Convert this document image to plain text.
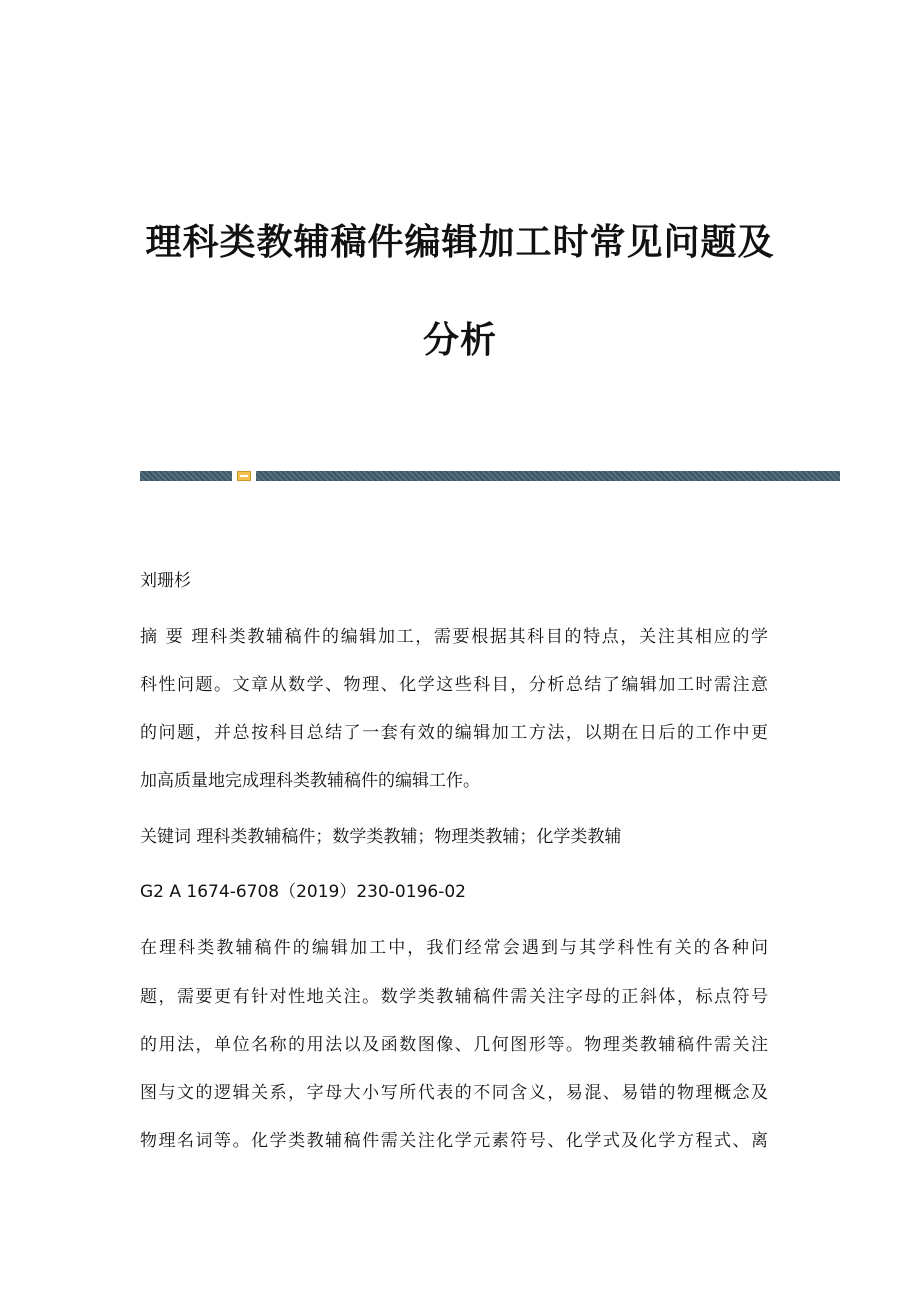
理科类教辅稿件编辑加工时常见问题及
分析
刘珊杉
摘 要 理科类教辅稿件的编辑加工，需要根据其科目的特点，关注其相应的学
科性问题。文章从数学、物理、化学这些科目，分析总结了编辑加工时需注意
的问题，并总按科目总结了一套有效的编辑加工方法，以期在日后的工作中更
加高质量地完成理科类教辅稿件的编辑工作。
关键词 理科类教辅稿件；数学类教辅；物理类教辅；化学类教辅
G2 A 1674-6708（2019）230-0196-02
在理科类教辅稿件的编辑加工中，我们经常会遇到与其学科性有关的各种问
题，需要更有针对性地关注。数学类教辅稿件需关注字母的正斜体，标点符号
的用法，单位名称的用法以及函数图像、几何图形等。物理类教辅稿件需关注
图与文的逻辑关系，字母大小写所代表的不同含义，易混、易错的物理概念及
物理名词等。化学类教辅稿件需关注化学元素符号、化学式及化学方程式、离
